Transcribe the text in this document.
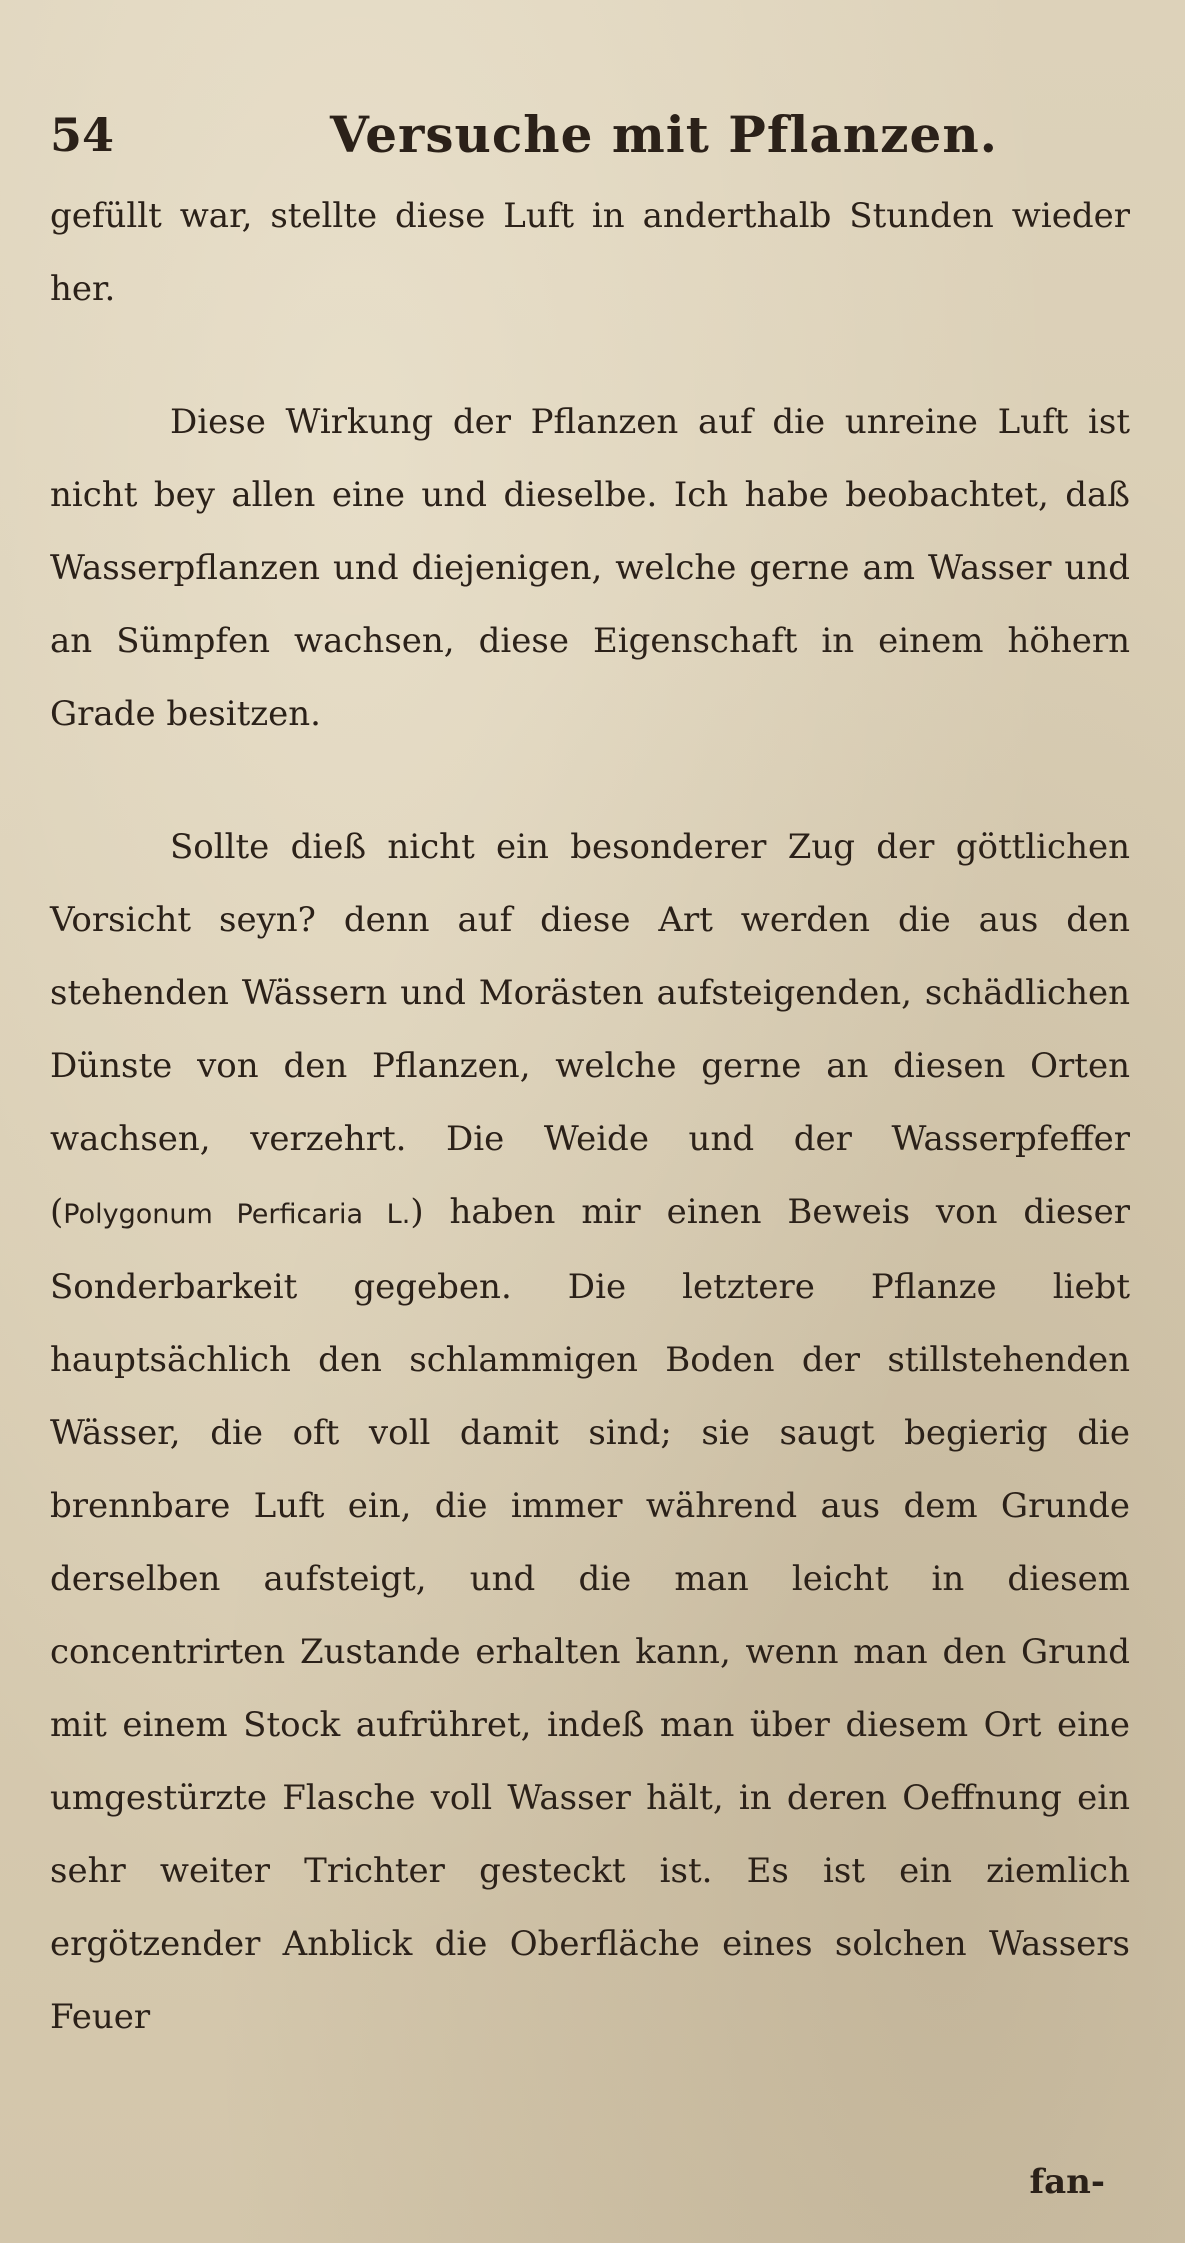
54	Versuche mit Pflanzen.

gefüllt war, stellte diese Luft in anderthalb Stunden wieder her.

Diese Wirkung der Pflanzen auf die unreine Luft ist nicht bey allen eine und dieselbe. Ich habe beobachtet, daß Wasserpflanzen und diejenigen, welche gerne am Wasser und an Sümpfen wachsen, diese Eigenschaft in einem höhern Grade besitzen.

Sollte dieß nicht ein besonderer Zug der göttlichen Vorsicht seyn? denn auf diese Art werden die aus den stehenden Wässern und Morästen aufsteigenden, schädlichen Dünste von den Pflanzen, welche gerne an diesen Orten wachsen, verzehrt. Die Weide und der Wasserpfeffer (Polygonum Perficaria L.) haben mir einen Beweis von dieser Sonderbarkeit gegeben. Die letztere Pflanze liebt hauptsächlich den schlammigen Boden der stillstehenden Wässer, die oft voll damit sind; sie saugt begierig die brennbare Luft ein, die immer während aus dem Grunde derselben aufsteigt, und die man leicht in diesem concentrirten Zustande erhalten kann, wenn man den Grund mit einem Stock aufrühret, indeß man über diesem Ort eine umgestürzte Flasche voll Wasser hält, in deren Oeffnung ein sehr weiter Trichter gesteckt ist. Es ist ein ziemlich ergötzender Anblick die Oberfläche eines solchen Wassers Feuer

fan-
